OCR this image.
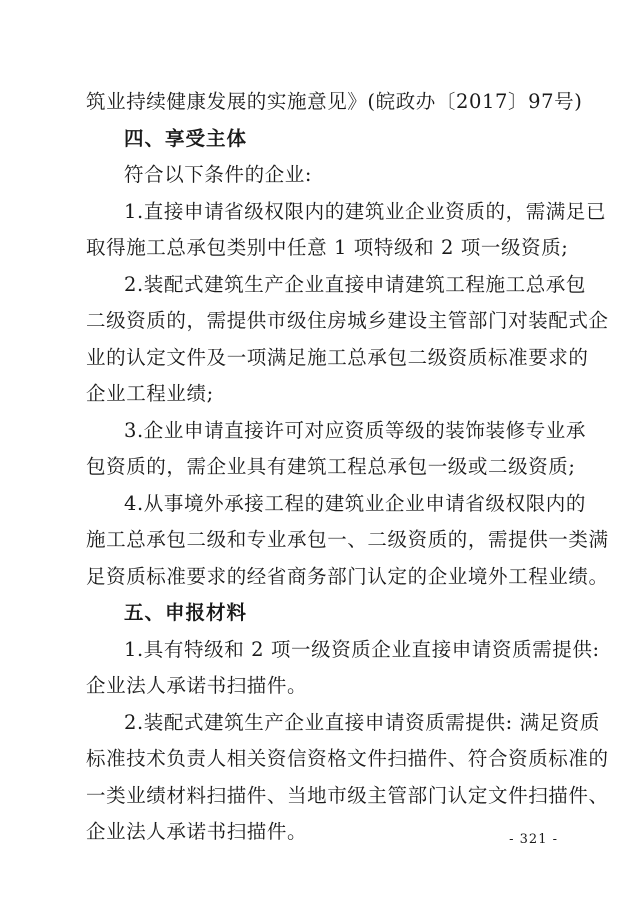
筑业持续健康发展的实施意见》(皖政办〔2017〕97号)
四、享受主体
符合以下条件的企业:
1.直接申请省级权限内的建筑业企业资质的，需满足已
取得施工总承包类别中任意 1 项特级和 2 项一级资质;
2.装配式建筑生产企业直接申请建筑工程施工总承包
二级资质的，需提供市级住房城乡建设主管部门对装配式企
业的认定文件及一项满足施工总承包二级资质标准要求的
企业工程业绩;
3.企业申请直接许可对应资质等级的装饰装修专业承
包资质的，需企业具有建筑工程总承包一级或二级资质;
4.从事境外承接工程的建筑业企业申请省级权限内的
施工总承包二级和专业承包一、二级资质的，需提供一类满
足资质标准要求的经省商务部门认定的企业境外工程业绩。
五、申报材料
1.具有特级和 2 项一级资质企业直接申请资质需提供:
企业法人承诺书扫描件。
2.装配式建筑生产企业直接申请资质需提供: 满足资质
标准技术负责人相关资信资格文件扫描件、符合资质标准的
一类业绩材料扫描件、当地市级主管部门认定文件扫描件、
企业法人承诺书扫描件。	- 321 -
